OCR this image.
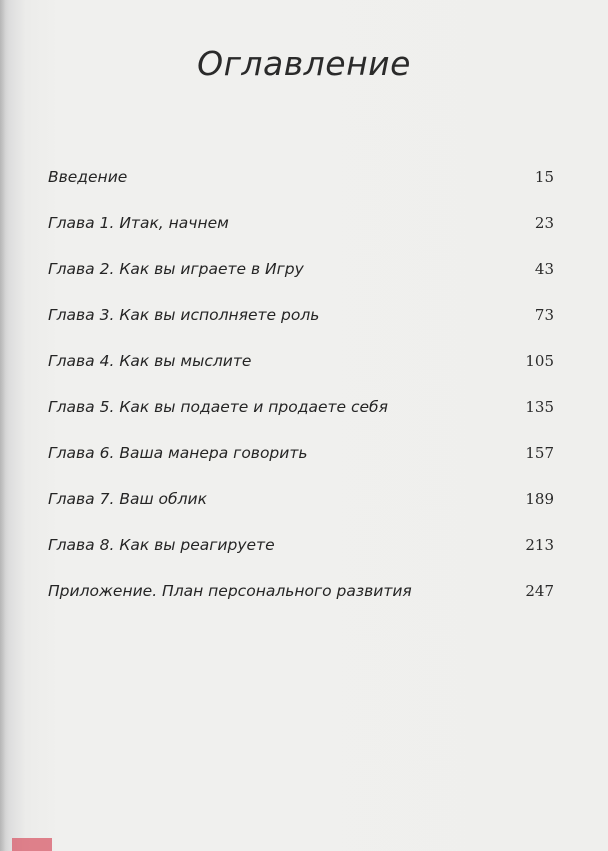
Оглавление
Введение	15
Глава 1. Итак, начнем	23
Глава 2. Как вы играете в Игру	43
Глава 3. Как вы исполняете роль	73
Глава 4. Как вы мыслите	105
Глава 5. Как вы подаете и продаете себя	135
Глава 6. Ваша манера говорить	157
Глава 7. Ваш облик	189
Глава 8. Как вы реагируете	213
Приложение. План персонального развития	247
